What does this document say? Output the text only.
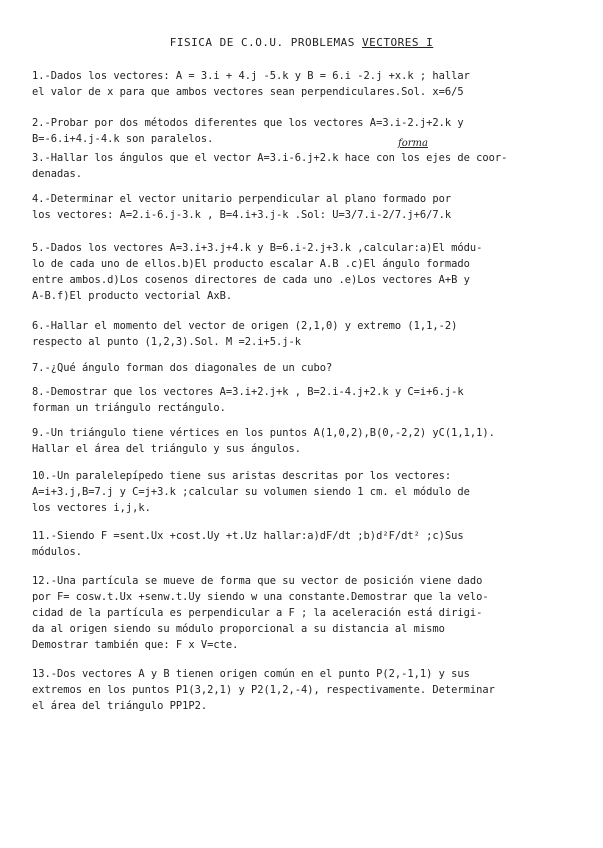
FISICA DE C.O.U. PROBLEMAS VECTORES I
forma
1.-Dados los vectores: A = 3.i + 4.j -5.k y B = 6.i -2.j +x.k ; hallar
el valor de x para que ambos vectores sean perpendiculares.Sol. x=6/5
2.-Probar por dos métodos diferentes que los vectores A=3.i-2.j+2.k y
B=-6.i+4.j-4.k son paralelos.
3.-Hallar los ángulos que el vector A=3.i-6.j+2.k hace con los ejes de coor-
denadas.
4.-Determinar el vector unitario perpendicular al plano formado por
los vectores: A=2.i-6.j-3.k , B=4.i+3.j-k .Sol: U=3/7.i-2/7.j+6/7.k
5.-Dados los vectores A=3.i+3.j+4.k y B=6.i-2.j+3.k ,calcular:a)El módu-
lo de cada uno de ellos.b)El producto escalar A.B .c)El ángulo formado
entre ambos.d)Los cosenos directores de cada uno .e)Los vectores A+B y
A-B.f)El producto vectorial AxB.
6.-Hallar el momento del vector de origen (2,1,0) y extremo (1,1,-2)
respecto al punto (1,2,3).Sol. M =2.i+5.j-k
7.-¿Qué ángulo forman dos diagonales de un cubo?
8.-Demostrar que los vectores A=3.i+2.j+k , B=2.i-4.j+2.k y C=i+6.j-k
forman un triángulo rectángulo.
9.-Un triángulo tiene vértices en los puntos A(1,0,2),B(0,-2,2) yC(1,1,1).
Hallar el área del triángulo y sus ángulos.
10.-Un paralelepípedo tiene sus aristas descritas por los vectores:
A=i+3.j,B=7.j y C=j+3.k ;calcular su volumen siendo 1 cm. el módulo de
los vectores i,j,k.
11.-Siendo F =sent.Ux +cost.Uy +t.Uz hallar:a)dF/dt ;b)d²F/dt² ;c)Sus
módulos.
12.-Una partícula se mueve de forma que su vector de posición viene dado
por F= cosw.t.Ux +senw.t.Uy siendo w una constante.Demostrar que la velo-
cidad de la partícula es perpendicular a F ; la aceleración está dirigi-
da al origen siendo su módulo proporcional a su distancia al mismo
Demostrar también que: F x V=cte.
13.-Dos vectores A y B tienen origen común en el punto P(2,-1,1) y sus
extremos en los puntos P1(3,2,1) y P2(1,2,-4), respectivamente. Determinar
el área del triángulo PP1P2.
